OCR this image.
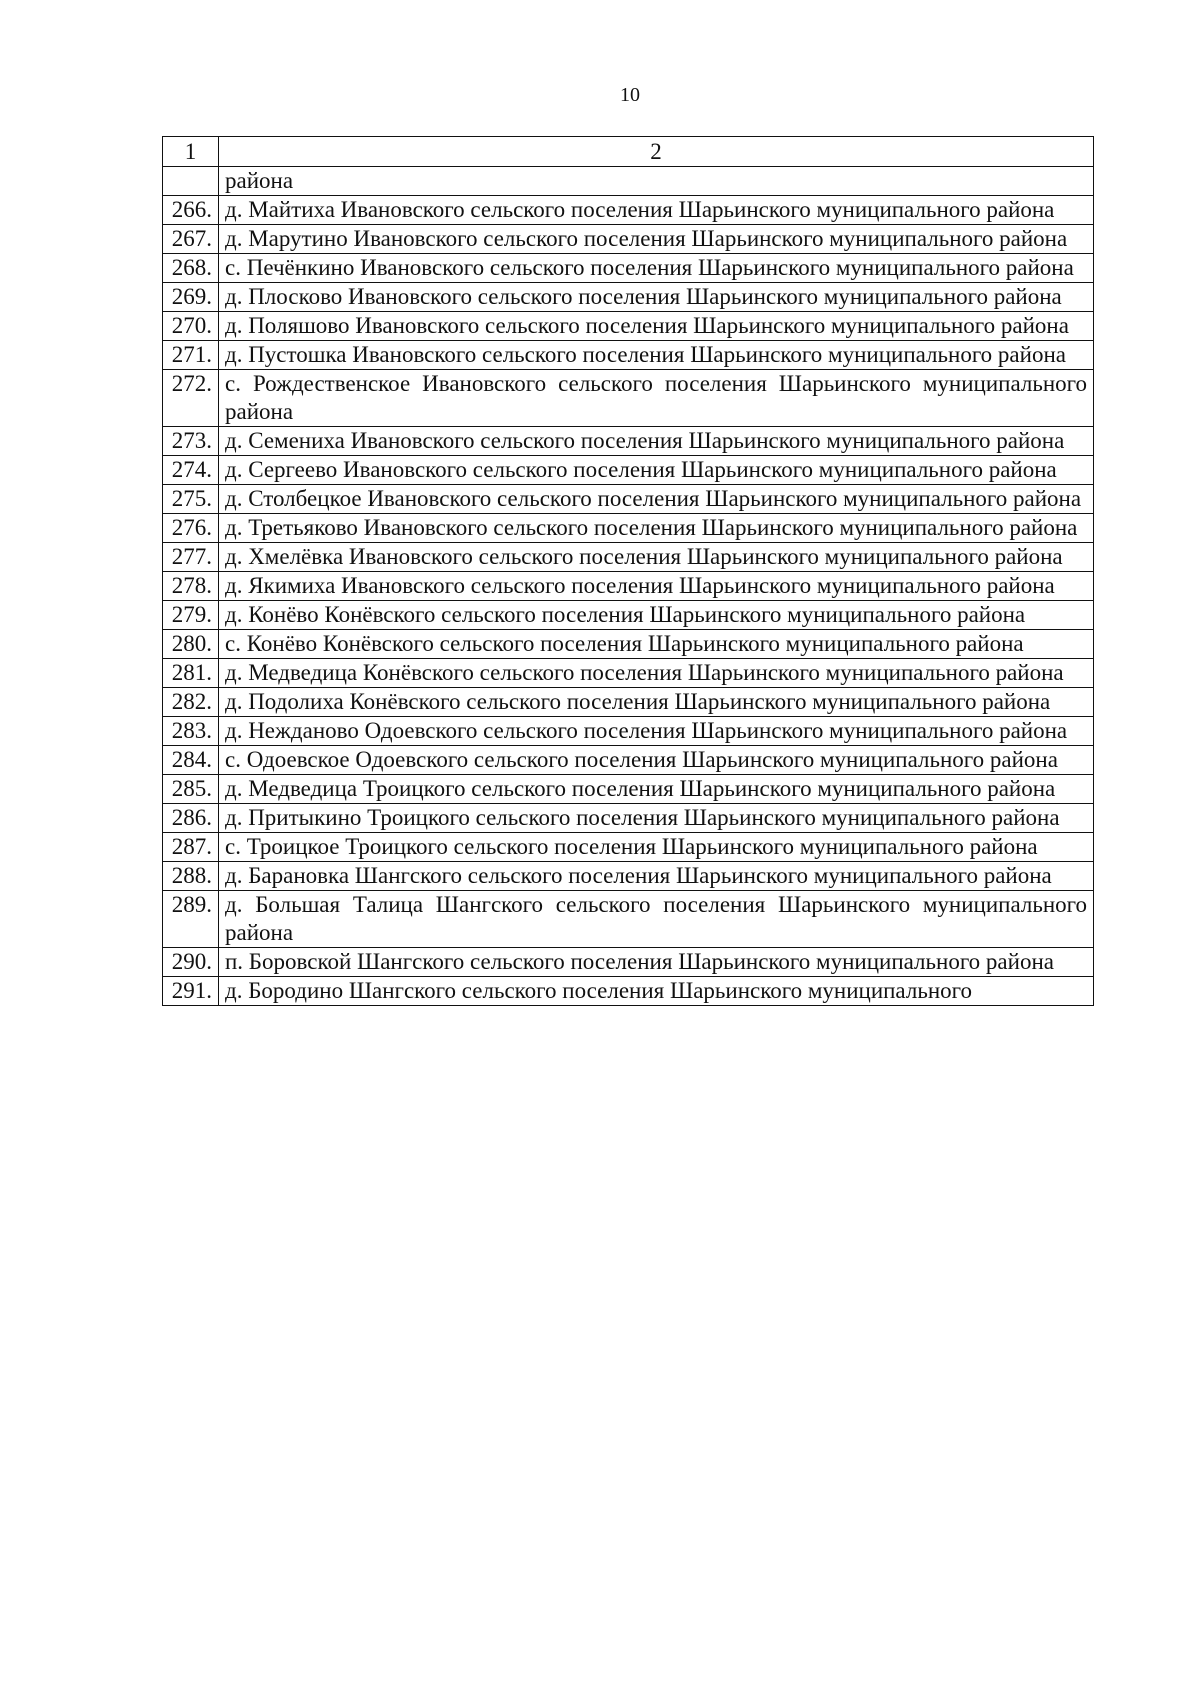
10
1	2
	района
266.	д. Майтиха Ивановского сельского поселения Шарьинского муниципального района
267.	д. Марутино Ивановского сельского поселения Шарьинского муниципального района
268.	с. Печёнкино Ивановского сельского поселения Шарьинского муниципального района
269.	д. Плосково Ивановского сельского поселения Шарьинского муниципального района
270.	д. Поляшово Ивановского сельского поселения Шарьинского муниципального района
271.	д. Пустошка Ивановского сельского поселения Шарьинского муниципального района
272.	с. Рождественское Ивановского сельского поселения Шарьинского муниципального района
273.	д. Семениха Ивановского сельского поселения Шарьинского муниципального района
274.	д. Сергеево Ивановского сельского поселения Шарьинского муниципального района
275.	д. Столбецкое Ивановского сельского поселения Шарьинского муниципального района
276.	д. Третьяково Ивановского сельского поселения Шарьинского муниципального района
277.	д. Хмелёвка Ивановского сельского поселения Шарьинского муниципального района
278.	д. Якимиха Ивановского сельского поселения Шарьинского муниципального района
279.	д. Конёво Конёвского сельского поселения Шарьинского муниципального района
280.	с. Конёво Конёвского сельского поселения Шарьинского муниципального района
281.	д. Медведица Конёвского сельского поселения Шарьинского муниципального района
282.	д. Подолиха Конёвского сельского поселения Шарьинского муниципального района
283.	д. Нежданово Одоевского сельского поселения Шарьинского муниципального района
284.	с. Одоевское Одоевского сельского поселения Шарьинского муниципального района
285.	д. Медведица Троицкого сельского поселения Шарьинского муниципального района
286.	д. Притыкино Троицкого сельского поселения Шарьинского муниципального района
287.	с. Троицкое Троицкого сельского поселения Шарьинского муниципального района
288.	д. Барановка Шангского сельского поселения Шарьинского муниципального района
289.	д. Большая Талица Шангского сельского поселения Шарьинского муниципального района
290.	п. Боровской Шангского сельского поселения Шарьинского муниципального района
291.	д. Бородино Шангского сельского поселения Шарьинского муниципального
